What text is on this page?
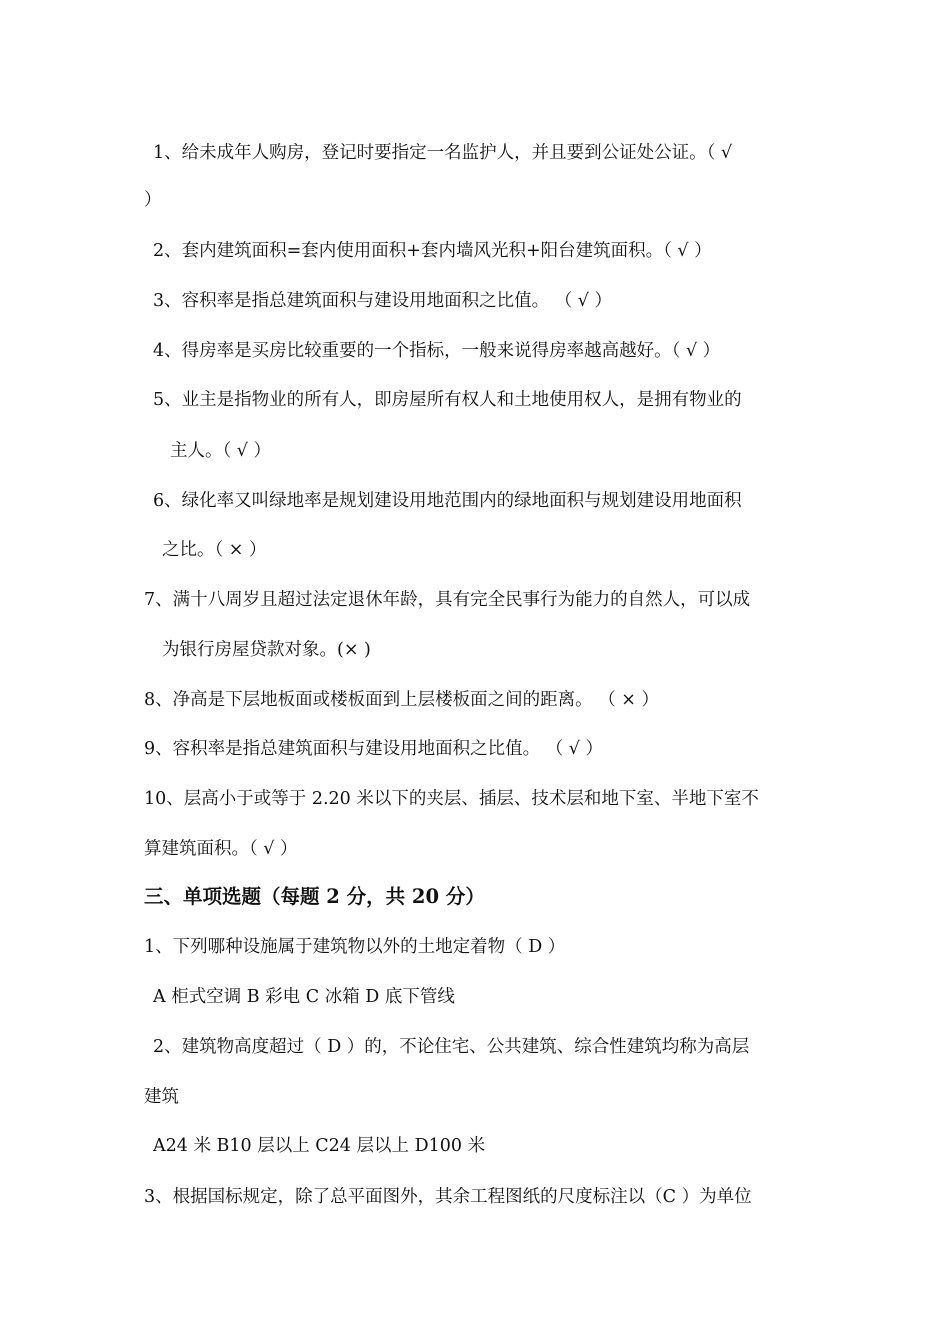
1、给未成年人购房，登记时要指定一名监护人，并且要到公证处公证。（ √
）
2、套内建筑面积=套内使用面积+套内墙风光积+阳台建筑面积。（ √ ）
3、容积率是指总建筑面积与建设用地面积之比值。 （ √ ）
4、得房率是买房比较重要的一个指标，一般来说得房率越高越好。（ √ ）
5、业主是指物业的所有人，即房屋所有权人和土地使用权人，是拥有物业的
主人。（ √ ）
6、绿化率又叫绿地率是规划建设用地范围内的绿地面积与规划建设用地面积
之比。（ × ）
7、满十八周岁且超过法定退休年龄，具有完全民事行为能力的自然人，可以成
为银行房屋贷款对象。(× )
8、净高是下层地板面或楼板面到上层楼板面之间的距离。 （ × ）
9、容积率是指总建筑面积与建设用地面积之比值。 （ √ ）
10、层高小于或等于 2.20 米以下的夹层、插层、技术层和地下室、半地下室不
算建筑面积。（ √ ）
三、单项选题（每题 2 分，共 20 分）
1、下列哪种设施属于建筑物以外的土地定着物（ D ）
A 柜式空调 B 彩电 C 冰箱 D 底下管线
2、建筑物高度超过（ D ）的，不论住宅、公共建筑、综合性建筑均称为高层
建筑
A24 米 B10 层以上 C24 层以上 D100 米
3、根据国标规定，除了总平面图外，其余工程图纸的尺度标注以（C ）为单位
